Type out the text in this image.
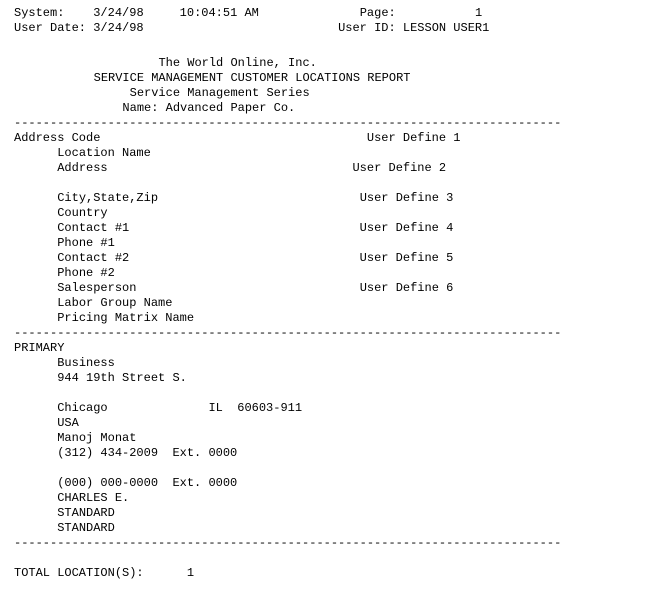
System: 3/24/98	10:04:51 AM	Page:	1
User Date: 3/24/98	User ID: LESSON USER1
The World Online, Inc.
SERVICE MANAGEMENT CUSTOMER LOCATIONS REPORT
Service Management Series
Name: Advanced Paper Co.
----------------------------------------------------------------------------
Address Code	User Define 1
Location Name
Address	User Define 2

City,State,Zip	User Define 3
Country
Contact #1	User Define 4
Phone #1
Contact #2	User Define 5
Phone #2
Salesperson	User Define 6
Labor Group Name
Pricing Matrix Name
----------------------------------------------------------------------------
PRIMARY
Business
944 19th Street S.

Chicago              IL  60603-911
USA
Manoj Monat
(312) 434-2009  Ext. 0000

(000) 000-0000  Ext. 0000
CHARLES E.
STANDARD
STANDARD
----------------------------------------------------------------------------

TOTAL LOCATION(S):	1
